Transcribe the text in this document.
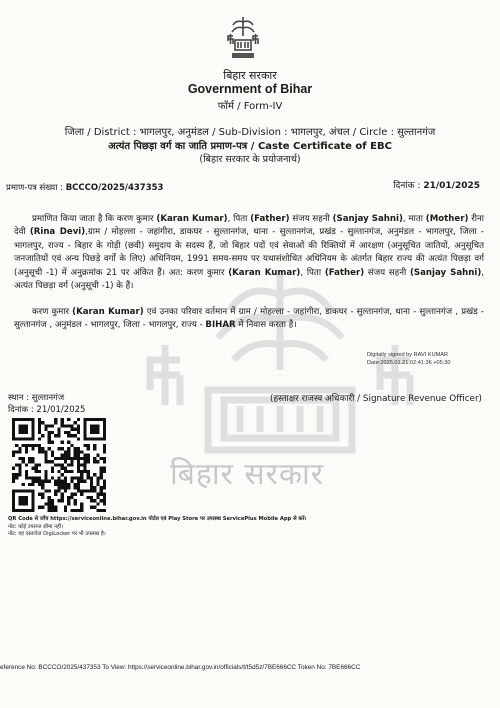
बिहार सरकार
बिहार सरकार
Government of Bihar
फॉर्म / Form-IV
जिला / District : भागलपुर, अनुमंडल / Sub-Division : भागलपुर, अंचल / Circle : सुल्तानगंज
अत्यंत पिछड़ा वर्ग का जाति प्रमाण-पत्र / Caste Certificate of EBC
(बिहार सरकार के प्रयोजनार्थ)
प्रमाण-पत्र संख्या : BCCCO/2025/437353	दिनांक : 21/01/2025
प्रमाणित किया जाता है कि करण कुमार (Karan Kumar), पिता (Father) संजय सहनी (Sanjay Sahni), माता (Mother) रीना देवी (Rina Devi),ग्राम / मोहल्ला - जहांगीरा, डाकघर - सुल्तानगंज, थाना - सुल्तानगंज, प्रखंड - सुल्तानगंज, अनुमंडल - भागलपुर, जिला - भागलपुर, राज्य - बिहार के गोड़ी (छवी) समुदाय के सदस्य हैं, जो बिहार पदों एवं सेवाओं की रिक्तियों में आरक्षण (अनुसूचित जातियों, अनुसूचित जनजातियों एवं अन्य पिछड़े वर्गों के लिए) अधिनियम, 1991 समय-समय पर यथासंशोधित अधिनियम के अंतर्गत बिहार राज्य की अत्यंत पिछड़ा वर्ग (अनुसूची -1) में अनुक्रमांक 21 पर अंकित हैं। अत: करण कुमार (Karan Kumar), पिता (Father) संजय सहनी (Sanjay Sahni), अत्यंत पिछड़ा वर्ग (अनुसूची -1) के हैं।
करण कुमार (Karan Kumar) एवं उनका परिवार वर्तमान में ग्राम / मोहल्ला - जहांगीरा, डाकघर - सुल्तानगंज, थाना - सुल्तानगंज , प्रखंड - सुल्तानगंज , अनुमंडल - भागलपुर, जिला - भागलपुर, राज्य - BIHAR में निवास करता है।
Digitally signed by RAVI KUMAR
Date:2025.01.21 02:41:36 +05:30
स्थान : सुल्तानगंज
दिनांक : 21/01/2025
(हस्ताक्षर राजस्व अधिकारी / Signature Revenue Officer)
QR Code से जाँच https://serviceonline.bihar.gov.in पोर्टल एवं Play Store पर उपलब्ध ServicePlus Mobile App से करें।
नोट: कोई उपरान्त सीमा नहीं।
नोट: यह दस्तावेज DigiLocker पर भी उपलब्ध है।
eference No: BCCCO/2025/437353 To View: https://serviceonline.bihar.gov.in/officials/t/t5d5z/7BE666CC Token No: 7BE666CC
